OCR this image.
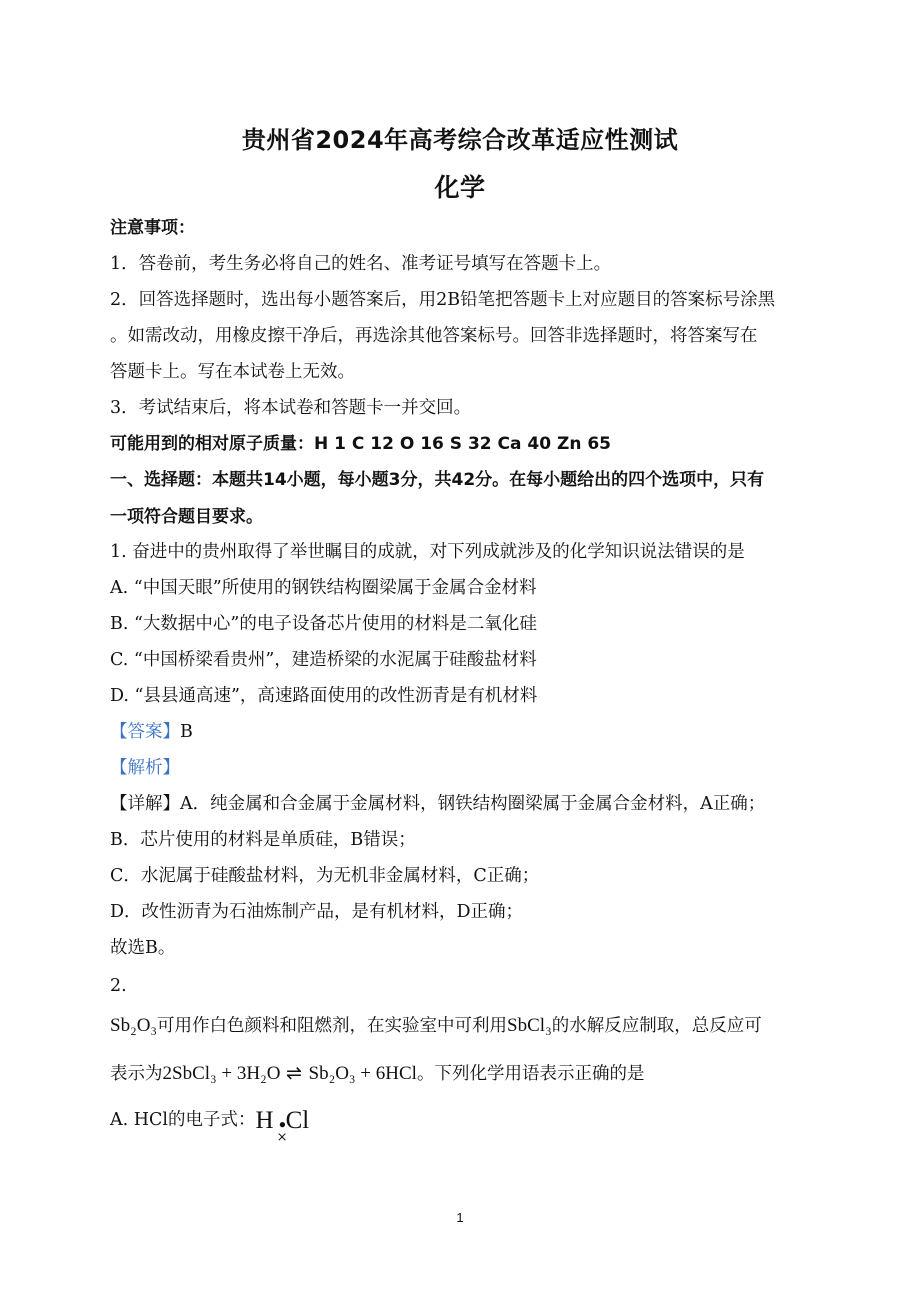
贵州省2024年高考综合改革适应性测试
化学
注意事项：
1．答卷前，考生务必将自己的姓名、准考证号填写在答题卡上。
2．回答选择题时，选出每小题答案后，用2B铅笔把答题卡上对应题目的答案标号涂黑
。如需改动，用橡皮擦干净后，再选涂其他答案标号。回答非选择题时，将答案写在
答题卡上。写在本试卷上无效。
3．考试结束后，将本试卷和答题卡一并交回。
可能用到的相对原子质量：H 1 C 12 O 16 S 32 Ca 40 Zn 65
一、选择题：本题共14小题，每小题3分，共42分。在每小题给出的四个选项中，只有
一项符合题目要求。
1. 奋进中的贵州取得了举世瞩目的成就，对下列成就涉及的化学知识说法错误的是
A. “中国天眼”所使用的钢铁结构圈梁属于金属合金材料
B. “大数据中心”的电子设备芯片使用的材料是二氧化硅
C. “中国桥梁看贵州”，建造桥梁的水泥属于硅酸盐材料
D. “县县通高速”，高速路面使用的改性沥青是有机材料
【答案】B
【解析】
【详解】A．纯金属和合金属于金属材料，钢铁结构圈梁属于金属合金材料，A正确；
B．芯片使用的材料是单质硅，B错误；
C．水泥属于硅酸盐材料，为无机非金属材料，C正确；
D．改性沥青为石油炼制产品，是有机材料，D正确；
故选B。
2.
Sb₂O₃可用作白色颜料和阻燃剂，在实验室中可利用SbCl₃的水解反应制取，总反应可
表示为2SbCl₃ + 3H₂O ⇌ Sb₂O₃ + 6HCl。下列化学用语表示正确的是
A. HCl的电子式：H •
×
Cl
1
